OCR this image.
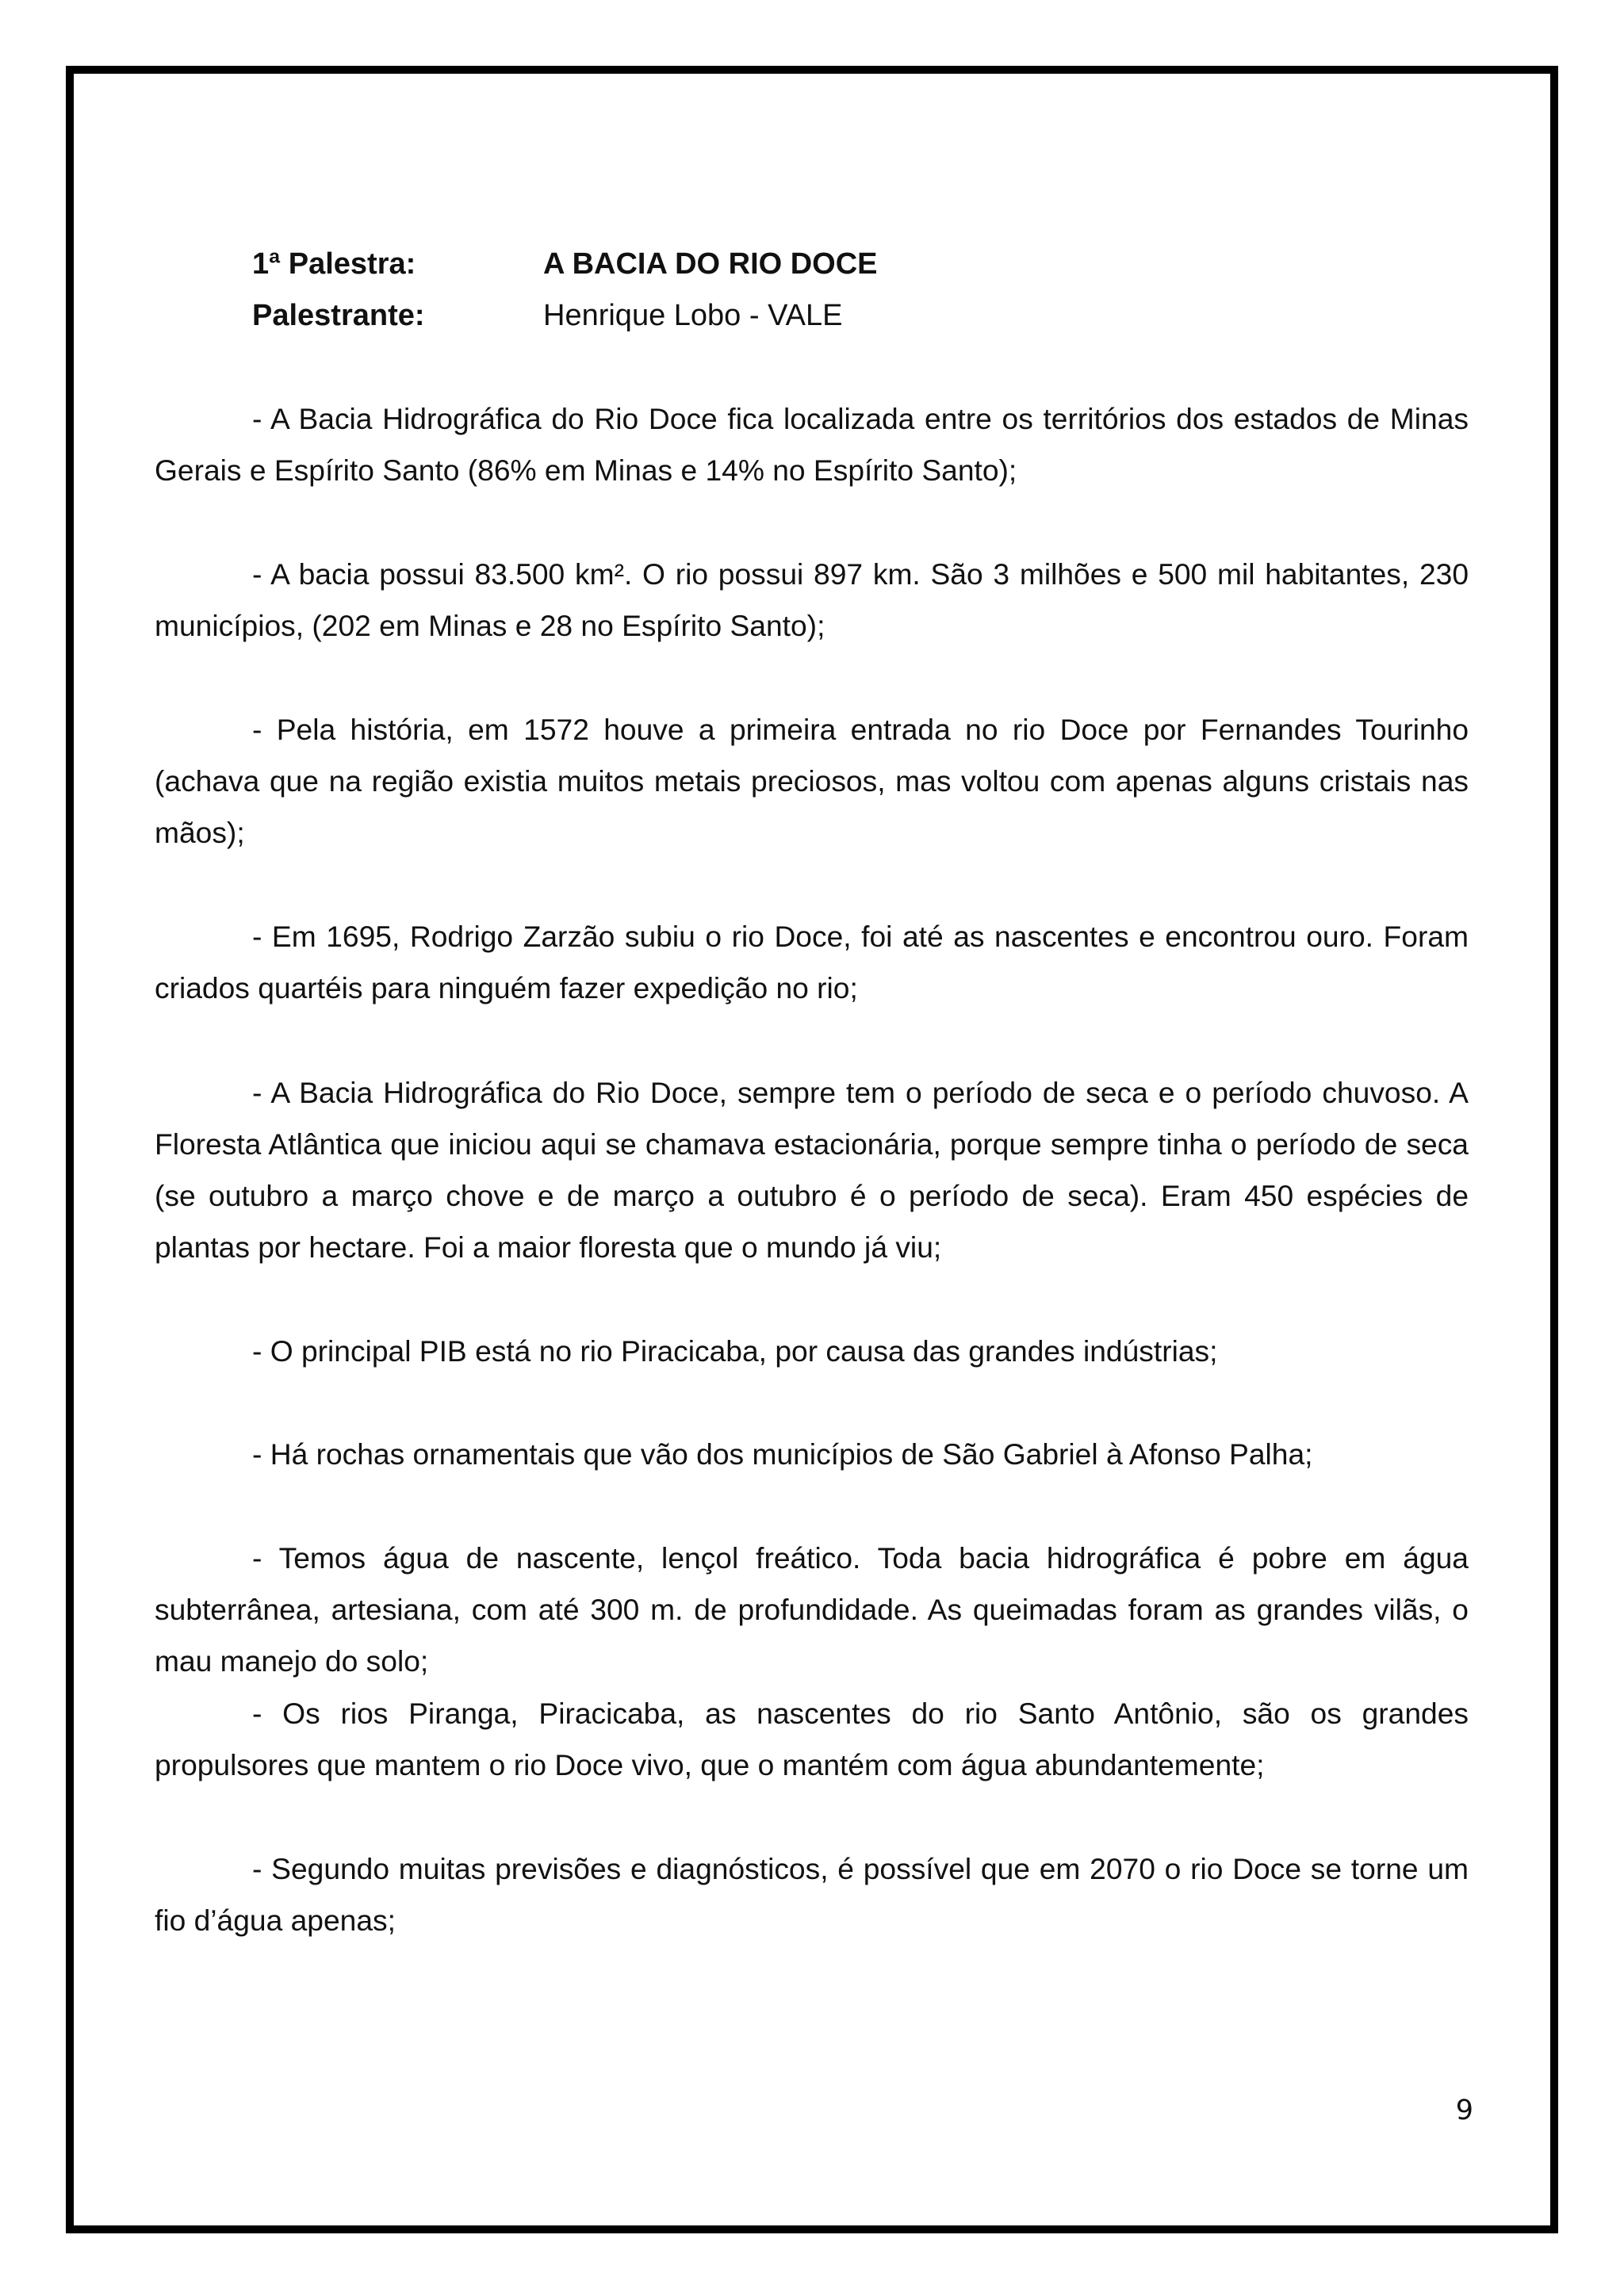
1ª Palestra:	A BACIA DO RIO DOCE
Palestrante:	Henrique Lobo - VALE

- A Bacia Hidrográfica do Rio Doce fica localizada entre os territórios dos estados de Minas Gerais e Espírito Santo (86% em Minas e 14% no Espírito Santo);

- A bacia possui 83.500 km². O rio possui 897 km. São 3 milhões e 500 mil habitantes, 230 municípios, (202 em Minas e 28 no Espírito Santo);

- Pela história, em 1572 houve a primeira entrada no rio Doce por Fernandes Tourinho (achava que na região existia muitos metais preciosos, mas voltou com apenas alguns cristais nas mãos);

- Em 1695, Rodrigo Zarzão subiu o rio Doce, foi até as nascentes e encontrou ouro. Foram criados quartéis para ninguém fazer expedição no rio;

- A Bacia Hidrográfica do Rio Doce, sempre tem o período de seca e o período chuvoso. A Floresta Atlântica que iniciou aqui se chamava estacionária, porque sempre tinha o período de seca (se outubro a março chove e de março a outubro é o período de seca). Eram 450 espécies de plantas por hectare. Foi a maior floresta que o mundo já viu;

- O principal PIB está no rio Piracicaba, por causa das grandes indústrias;

- Há rochas ornamentais que vão dos municípios de São Gabriel à Afonso Palha;

- Temos água de nascente, lençol freático. Toda bacia hidrográfica é pobre em água subterrânea, artesiana, com até 300 m. de profundidade. As queimadas foram as grandes vilãs, o mau manejo do solo;

- Os rios Piranga, Piracicaba, as nascentes do rio Santo Antônio, são os grandes propulsores que mantem o rio Doce vivo, que o mantém com água abundantemente;

- Segundo muitas previsões e diagnósticos, é possível que em 2070 o rio Doce se torne um fio d’água apenas;

9
